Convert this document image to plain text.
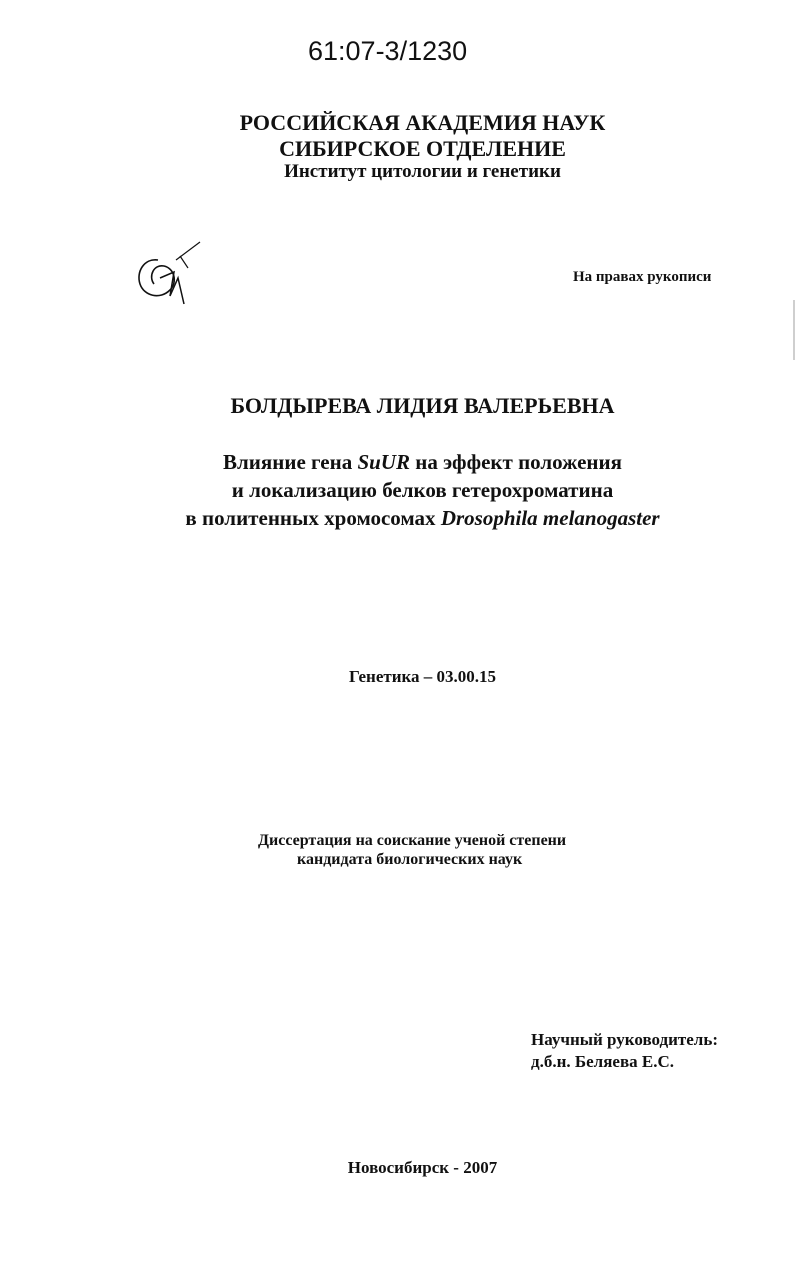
61:07-3/1230
РОССИЙСКАЯ АКАДЕМИЯ НАУК
СИБИРСКОЕ ОТДЕЛЕНИЕ
Институт цитологии и генетики
На правах рукописи
БОЛДЫРЕВА ЛИДИЯ ВАЛЕРЬЕВНА
Влияние гена SuUR на эффект положения
и локализацию белков гетерохроматина
в политенных хромосомах Drosophila melanogaster
Генетика – 03.00.15
Диссертация на соискание ученой степени
кандидата биологических наук
Научный руководитель:
д.б.н. Беляева Е.С.
Новосибирск - 2007
